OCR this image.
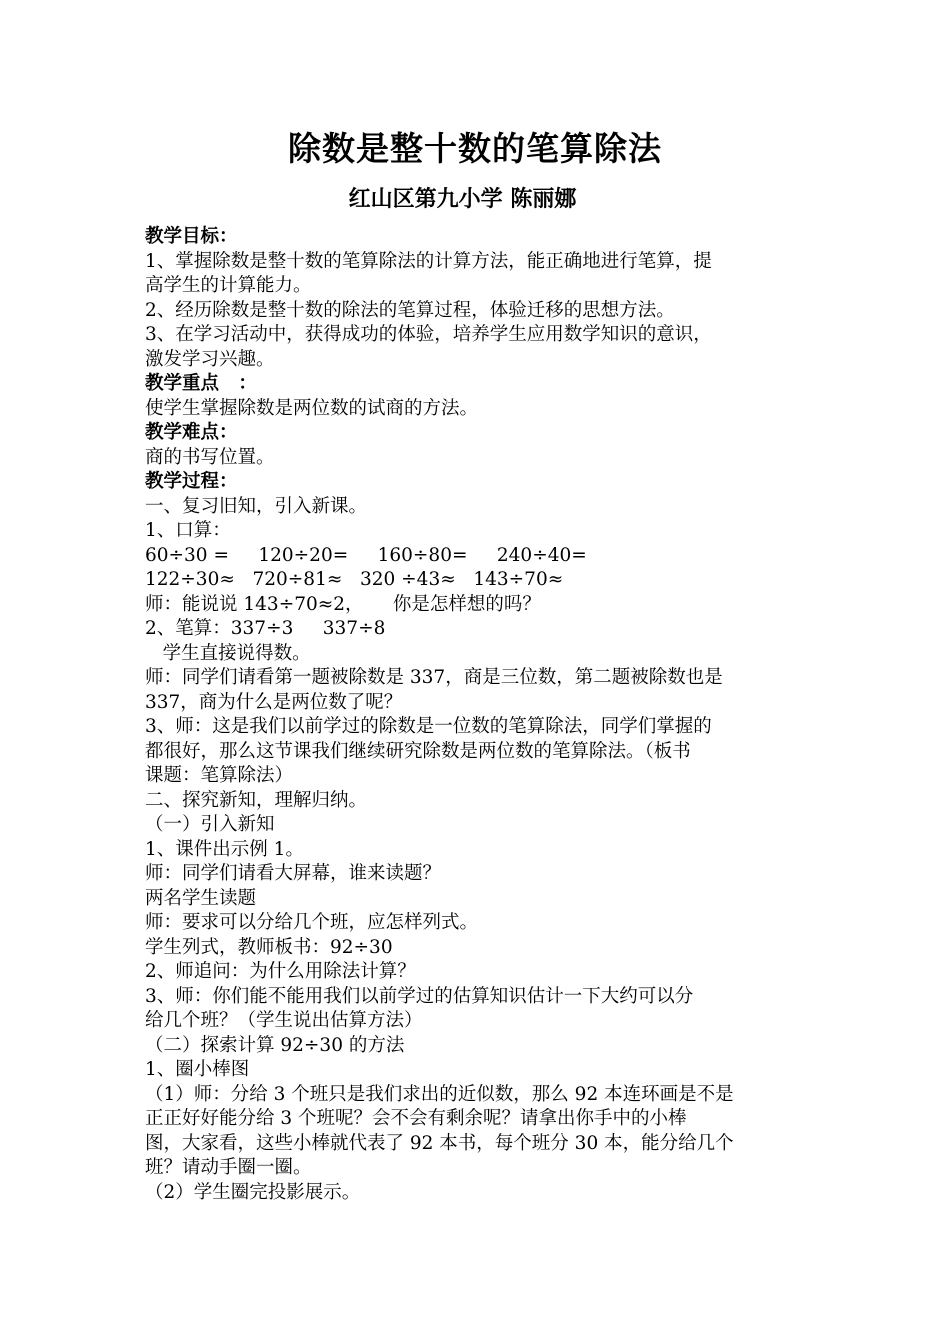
除数是整十数的笔算除法
红山区第九小学 陈丽娜
教学目标：
1、掌握除数是整十数的笔算除法的计算方法，能正确地进行笔算，提
高学生的计算能力。
2、经历除数是整十数的除法的笔算过程，体验迁移的思想方法。
3、在学习活动中，获得成功的体验，培养学生应用数学知识的意识，
激发学习兴趣。
教学重点   ：
使学生掌握除数是两位数的试商的方法。
教学难点：
商的书写位置。
教学过程：
一、复习旧知，引入新课。
1、口算：
60÷30 =     120÷20=     160÷80=     240÷40=
122÷30≈   720÷81≈   320 ÷43≈   143÷70≈
师：能说说 143÷70≈2，     你是怎样想的吗？
2、笔算：337÷3     337÷8
学生直接说得数。
师：同学们请看第一题被除数是 337，商是三位数，第二题被除数也是
337，商为什么是两位数了呢？
3、师：这是我们以前学过的除数是一位数的笔算除法，同学们掌握的
都很好，那么这节课我们继续研究除数是两位数的笔算除法。（板书
课题：笔算除法）
二、探究新知，理解归纳。
（一）引入新知
1、课件出示例 1。
师：同学们请看大屏幕，谁来读题？
两名学生读题
师：要求可以分给几个班，应怎样列式。
学生列式，教师板书：92÷30
2、师追问：为什么用除法计算？
3、师：你们能不能用我们以前学过的估算知识估计一下大约可以分
给几个班？（学生说出估算方法）
（二）探索计算 92÷30 的方法
1、圈小棒图
（1）师：分给 3 个班只是我们求出的近似数，那么 92 本连环画是不是
正正好好能分给 3 个班呢？会不会有剩余呢？请拿出你手中的小棒
图，大家看，这些小棒就代表了 92 本书，每个班分 30 本，能分给几个
班？请动手圈一圈。
（2）学生圈完投影展示。
